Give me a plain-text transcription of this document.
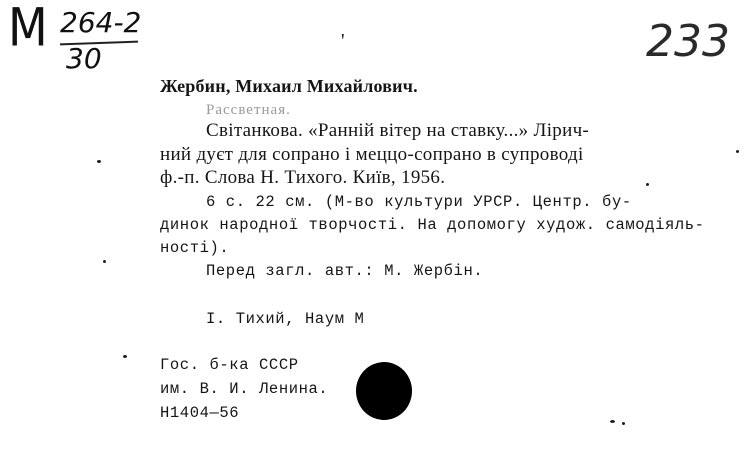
M 264-2
30	233
'
Жербин, Михаил Михайлович.
Рассветная.
Світанкова. «Ранній вітер на ставку...» Лірич-
ний дуєт для сопрано і меццо-сопрано в супроводі
ф.-п. Слова Н. Тихого. Київ, 1956.
6 с. 22 см. (М-во культури УРСР. Центр. бу-
динок народної творчості. На допомогу худож. самодіяль-
ності).
Перед загл. авт.: М. Жербін.
I. Тихий, Наум М
Гос. б-ка СССР
им. В. И. Ленина.
Н1404—56
